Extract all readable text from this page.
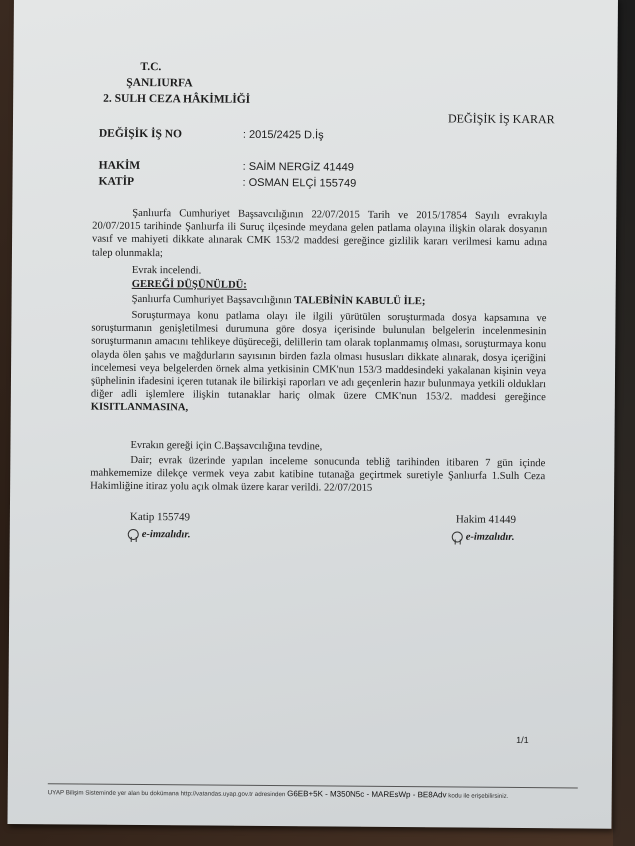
T.C.
ŞANLIURFA
2. SULH CEZA HÂKİMLİĞİ
DEĞİŞİK İŞ KARAR
DEĞİŞİK İŞ NO	: 2015/2425 D.İş
HAKİM	: SAİM NERGİZ 41449
KATİP	: OSMAN ELÇİ 155749
Şanlıurfa Cumhuriyet Başsavcılığının 22/07/2015 Tarih ve 2015/17854 Sayılı evrakıyla 20/07/2015 tarihinde Şanlıurfa ili Suruç ilçesinde meydana gelen patlama olayına ilişkin olarak dosyanın vasıf ve mahiyeti dikkate alınarak CMK 153/2 maddesi gereğince gizlilik kararı verilmesi kamu adına talep olunmakla;
Evrak incelendi.
GEREĞİ DÜŞÜNÜLDÜ:
Şanlıurfa Cumhuriyet Başsavcılığının TALEBİNİN KABULÜ İLE;
Soruşturmaya konu patlama olayı ile ilgili yürütülen soruşturmada dosya kapsamına ve soruşturmanın genişletilmesi durumuna göre dosya içerisinde bulunulan belgelerin incelenmesinin soruşturmanın amacını tehlikeye düşüreceği, delillerin tam olarak toplanmamış olması, soruşturmaya konu olayda ölen şahıs ve mağdurların sayısının birden fazla olması hususları dikkate alınarak, dosya içeriğini incelemesi veya belgelerden örnek alma yetkisinin CMK'nun 153/3 maddesindeki yakalanan kişinin veya şüphelinin ifadesini içeren tutanak ile bilirkişi raporları ve adı geçenlerin hazır bulunmaya yetkili oldukları diğer adli işlemlere ilişkin tutanaklar hariç olmak üzere CMK'nun 153/2. maddesi gereğince KISITLANMASINA,
Evrakın gereği için C.Başsavcılığına tevdine,
Dair; evrak üzerinde yapılan inceleme sonucunda tebliğ tarihinden itibaren 7 gün içinde mahkememize dilekçe vermek veya zabıt katibine tutanağa geçirtmek suretiyle Şanlıurfa 1.Sulh Ceza Hakimliğine itiraz yolu açık olmak üzere karar verildi. 22/07/2015
Katip 155749	Hakim 41449
e-imzalıdır.	e-imzalıdır.
1/1
UYAP Bilişim Sisteminde yer alan bu dokümana http://vatandas.uyap.gov.tr adresinden G6EB+5K - M350N5c - MAREsWp - BE8Adv kodu ile erişebilirsiniz.
